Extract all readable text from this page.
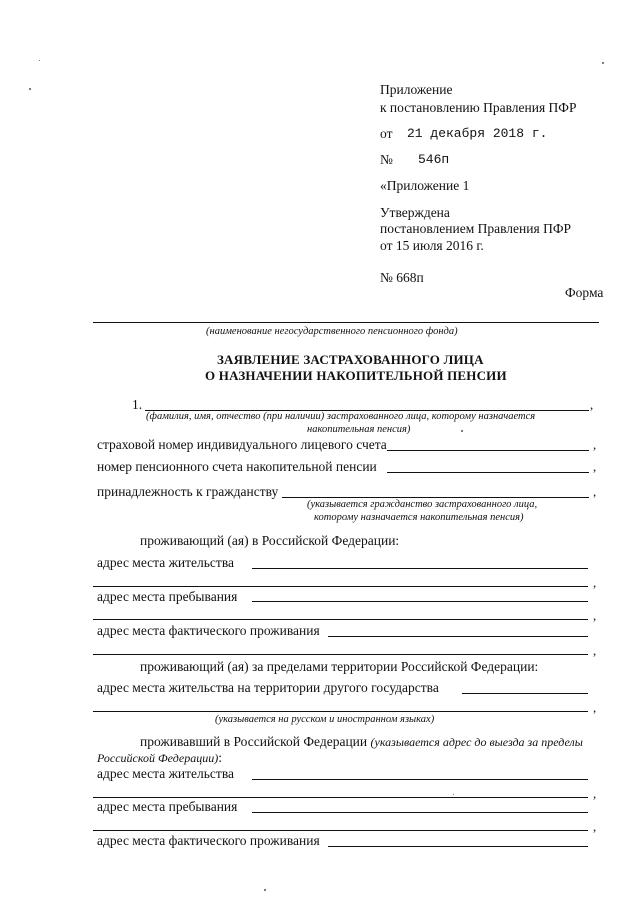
Приложение
к постановлению Правления ПФР
от 21 декабря 2018 г.
№ 546п
«Приложение 1
Утверждена
постановлением Правления ПФР
от 15 июля 2016 г.
№ 668п
Форма
(наименование негосударственного пенсионного фонда)
ЗАЯВЛЕНИЕ ЗАСТРАХОВАННОГО ЛИЦА
О НАЗНАЧЕНИИ НАКОПИТЕЛЬНОЙ ПЕНСИИ
1.	,
(фамилия, имя, отчество (при наличии) застрахованного лица, которому назначается
накопительная пенсия)
страховой номер индивидуального лицевого счета	,
номер пенсионного счета накопительной пенсии	,
принадлежность к гражданству	,
(указывается гражданство застрахованного лица,
которому назначается накопительная пенсия)
проживающий (ая) в Российской Федерации:
адрес места жительства
,
адрес места пребывания
,
адрес места фактического проживания
,
проживающий (ая) за пределами территории Российской Федерации:
адрес места жительства на территории другого государства
,
(указывается на русском и иностранном языках)
проживавший в Российской Федерации (указывается адрес до выезда за пределы
Российской Федерации):
адрес места жительства
,
адрес места пребывания
,
адрес места фактического проживания
